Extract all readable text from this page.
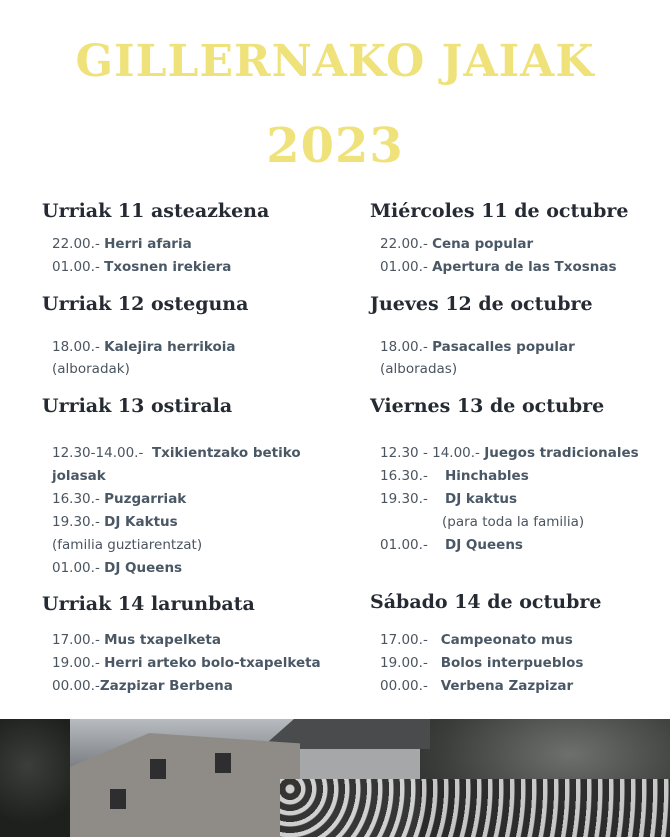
GILLERNAKO JAIAK
2023
Urriak 11 asteazkena
22.00.- Herri afaria
01.00.- Txosnen irekiera
Urriak 12 osteguna
18.00.- Kalejira herrikoia
(alboradak)
Urriak 13 ostirala
12.30-14.00.- Txikientzako betiko
jolasak
16.30.- Puzgarriak
19.30.- DJ Kaktus
(familia guztiarentzat)
01.00.- DJ Queens
Urriak 14 larunbata
17.00.- Mus txapelketa
19.00.- Herri arteko bolo-txapelketa
00.00.-Zazpizar Berbena
Miércoles 11 de octubre
22.00.- Cena popular
01.00.- Apertura de las Txosnas
Jueves 12 de octubre
18.00.- Pasacalles popular
(alboradas)
Viernes 13 de octubre
12.30 - 14.00.- Juegos tradicionales
16.30.- Hinchables
19.30.- DJ kaktus
(para toda la familia)
01.00.- DJ Queens
Sábado 14 de octubre
17.00.- Campeonato mus
19.00.- Bolos interpueblos
00.00.- Verbena Zazpizar
